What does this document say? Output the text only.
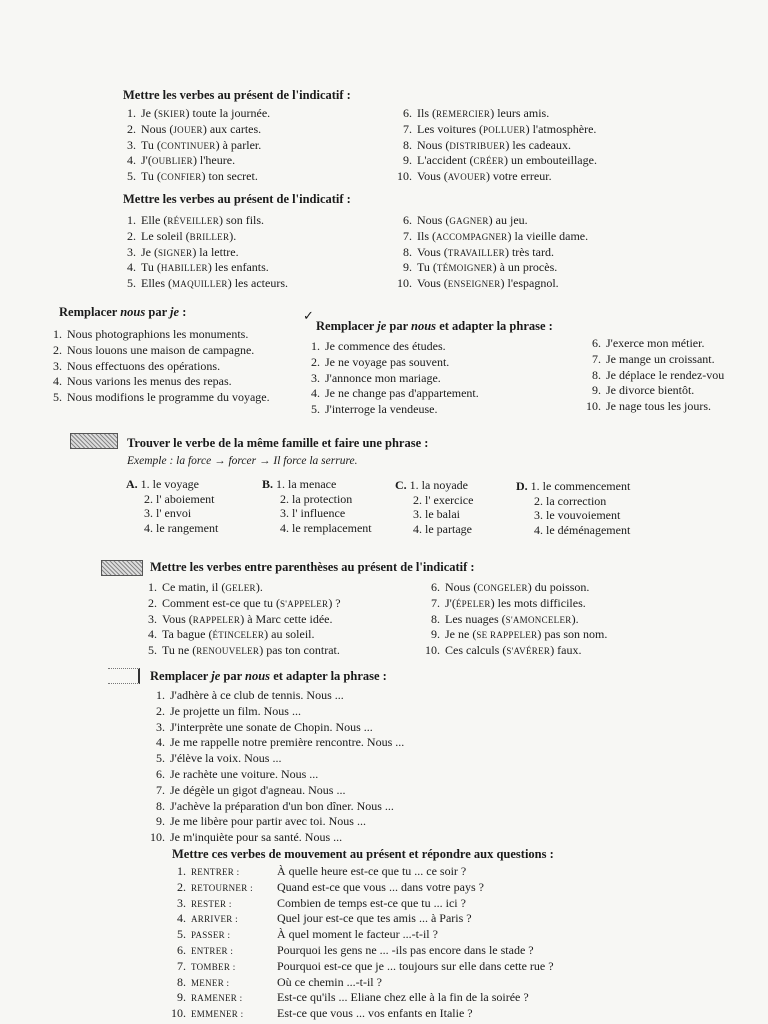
Mettre les verbes au présent de l'indicatif :
1. Je (SKIER) toute la journée.
2. Nous (JOUER) aux cartes.
3. Tu (CONTINUER) à parler.
4. J'(OUBLIER) l'heure.
5. Tu (CONFIER) ton secret.
6. Ils (REMERCIER) leurs amis.
7. Les voitures (POLLUER) l'atmosphère.
8. Nous (DISTRIBUER) les cadeaux.
9. L'accident (CRÉER) un embouteillage.
10. Vous (AVOUER) votre erreur.
Mettre les verbes au présent de l'indicatif :
1. Elle (RÉVEILLER) son fils.
2. Le soleil (BRILLER).
3. Je (SIGNER) la lettre.
4. Tu (HABILLER) les enfants.
5. Elles (MAQUILLER) les acteurs.
6. Nous (GAGNER) au jeu.
7. Ils (ACCOMPAGNER) la vieille dame.
8. Vous (TRAVAILLER) très tard.
9. Tu (TÉMOIGNER) à un procès.
10. Vous (ENSEIGNER) l'espagnol.
Remplacer nous par je :
1. Nous photographions les monuments.
2. Nous louons une maison de campagne.
3. Nous effectuons des opérations.
4. Nous varions les menus des repas.
5. Nous modifions le programme du voyage.
✓
Remplacer je par nous et adapter la phrase :
1. Je commence des études.
2. Je ne voyage pas souvent.
3. J'annonce mon mariage.
4. Je ne change pas d'appartement.
5. J'interroge la vendeuse.
6. J'exerce mon métier.
7. Je mange un croissant.
8. Je déplace le rendez-vou
9. Je divorce bientôt.
10. Je nage tous les jours.
Trouver le verbe de la même famille et faire une phrase :
Exemple : la force → forcer → Il force la serrure.
A. 1. le voyage
2. l' aboiement
3. l' envoi
4. le rangement
B. 1. la menace
2. la protection
3. l' influence
4. le remplacement
C. 1. la noyade
2. l' exercice
3. le balai
4. le partage
D. 1. le commencement
2. la correction
3. le vouvoiement
4. le déménagement
Mettre les verbes entre parenthèses au présent de l'indicatif :
1. Ce matin, il (GELER).
2. Comment est-ce que tu (S'APPELER) ?
3. Vous (RAPPELER) à Marc cette idée.
4. Ta bague (ÉTINCELER) au soleil.
5. Tu ne (RENOUVELER) pas ton contrat.
6. Nous (CONGELER) du poisson.
7. J'(ÉPELER) les mots difficiles.
8. Les nuages (S'AMONCELER).
9. Je ne (SE RAPPELER) pas son nom.
10. Ces calculs (S'AVÉRER) faux.
Remplacer je par nous et adapter la phrase :
1. J'adhère à ce club de tennis. Nous ...
2. Je projette un film. Nous ...
3. J'interprète une sonate de Chopin. Nous ...
4. Je me rappelle notre première rencontre. Nous ...
5. J'élève la voix. Nous ...
6. Je rachète une voiture. Nous ...
7. Je dégèle un gigot d'agneau. Nous ...
8. J'achève la préparation d'un bon dîner. Nous ...
9. Je me libère pour partir avec toi. Nous ...
10. Je m'inquiète pour sa santé. Nous ...
Mettre ces verbes de mouvement au présent et répondre aux questions :
1. RENTRER :	À quelle heure est-ce que tu ... ce soir ?
2. RETOURNER : Quand est-ce que vous ... dans votre pays ?
3. RESTER :	Combien de temps est-ce que tu ... ici ?
4. ARRIVER :	Quel jour est-ce que tes amis ... à Paris ?
5. PASSER :	À quel moment le facteur ...-t-il ?
6. ENTRER :	Pourquoi les gens ne ... -ils pas encore dans le stade ?
7. TOMBER :	Pourquoi est-ce que je ... toujours sur elle dans cette rue ?
8. MENER :	Où ce chemin ...-t-il ?
9. RAMENER :	Est-ce qu'ils ... Eliane chez elle à la fin de la soirée ?
10. EMMENER :	Est-ce que vous ... vos enfants en Italie ?
